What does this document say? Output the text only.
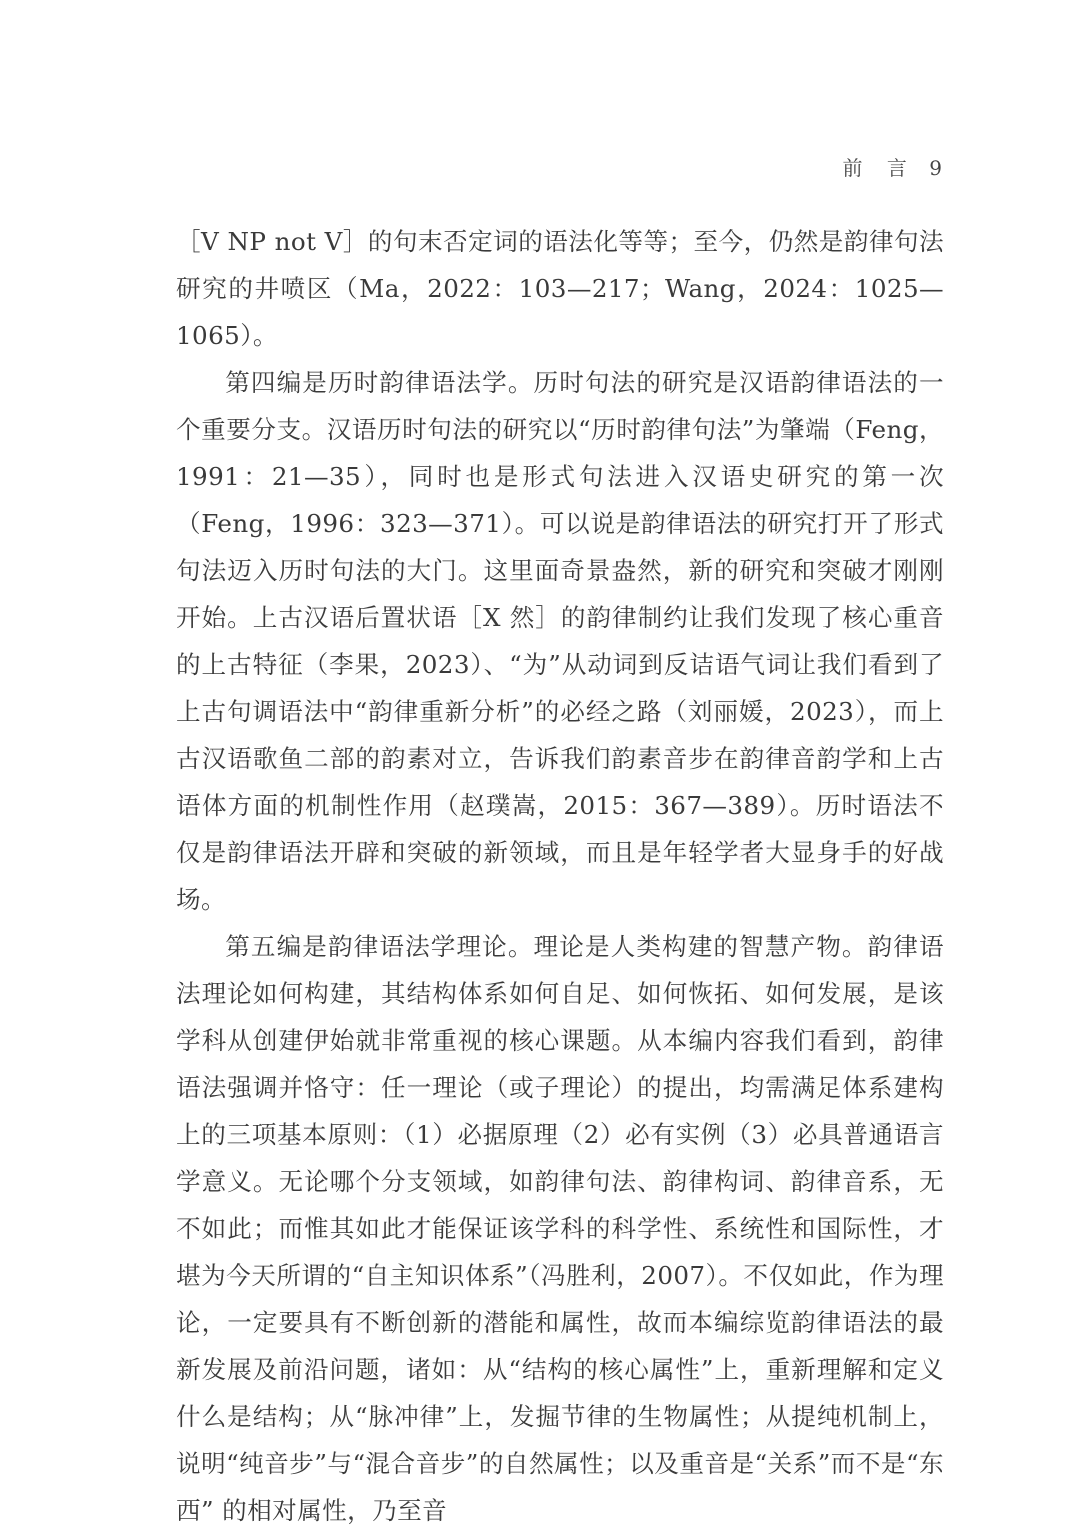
前 言 9

［V NP not V］的句末否定词的语法化等等；至今，仍然是韵律句法研究的井喷区（Ma，2022：103—217；Wang，2024：1025—1065）。

第四编是历时韵律语法学。历时句法的研究是汉语韵律语法的一个重要分支。汉语历时句法的研究以“历时韵律句法”为肇端（Feng，1991：21—35），同时也是形式句法进入汉语史研究的第一次（Feng，1996：323—371）。可以说是韵律语法的研究打开了形式句法迈入历时句法的大门。这里面奇景盎然，新的研究和突破才刚刚开始。上古汉语后置状语［X 然］的韵律制约让我们发现了核心重音的上古特征（李果，2023）、“为”从动词到反诘语气词让我们看到了上古句调语法中“韵律重新分析”的必经之路（刘丽媛，2023），而上古汉语歌鱼二部的韵素对立，告诉我们韵素音步在韵律音韵学和上古语体方面的机制性作用（赵璞嵩，2015：367—389）。历时语法不仅是韵律语法开辟和突破的新领域，而且是年轻学者大显身手的好战场。

第五编是韵律语法学理论。理论是人类构建的智慧产物。韵律语法理论如何构建，其结构体系如何自足、如何恢拓、如何发展，是该学科从创建伊始就非常重视的核心课题。从本编内容我们看到，韵律语法强调并恪守：任一理论（或子理论）的提出，均需满足体系建构上的三项基本原则：（1）必据原理（2）必有实例（3）必具普通语言学意义。无论哪个分支领域，如韵律句法、韵律构词、韵律音系，无不如此；而惟其如此才能保证该学科的科学性、系统性和国际性，才堪为今天所谓的“自主知识体系”（冯胜利，2007）。不仅如此，作为理论，一定要具有不断创新的潜能和属性，故而本编综览韵律语法的最新发展及前沿问题，诸如：从“结构的核心属性”上，重新理解和定义什么是结构；从“脉冲律”上，发掘节律的生物属性；从提纯机制上，说明“纯音步”与“混合音步”的自然属性；以及重音是“关系”而不是“东西” 的相对属性，乃至音
